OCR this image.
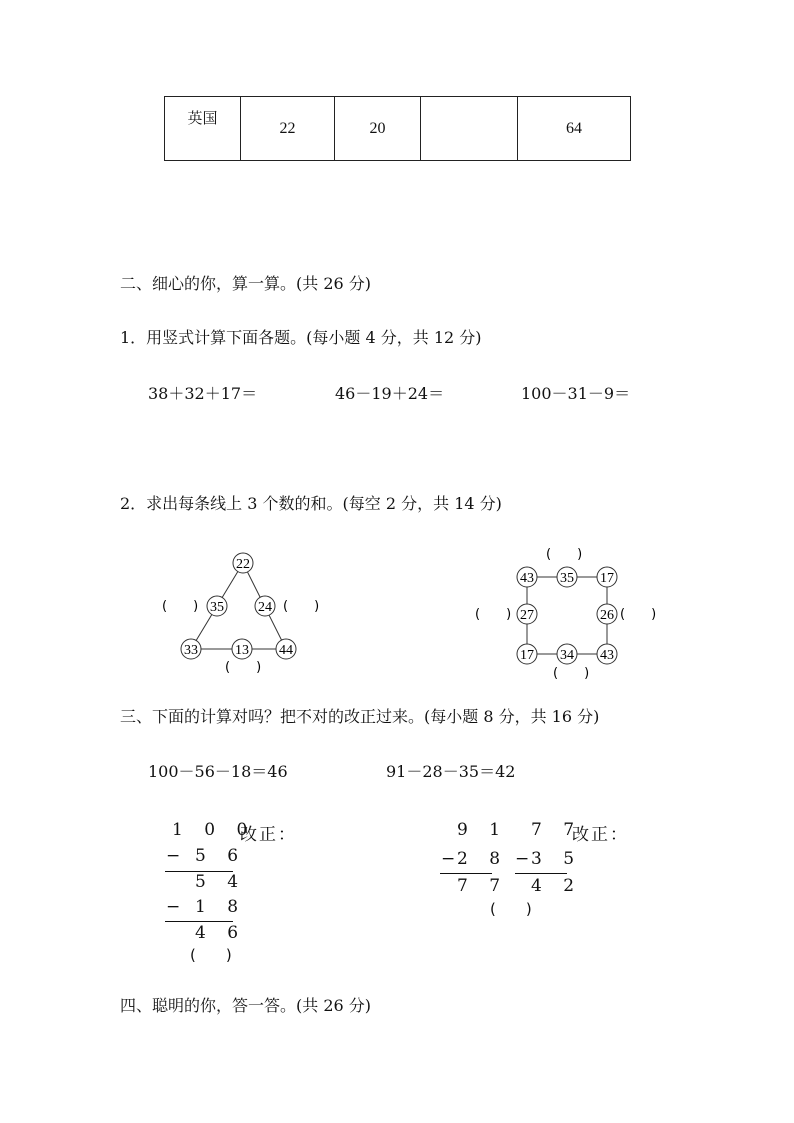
英国	22	20		64
二、细心的你，算一算。(共 26 分)
1．用竖式计算下面各题。(每小题 4 分，共 12 分)
38＋32＋17＝	46－19＋24＝	100－31－9＝
2．求出每条线上 3 个数的和。(每空 2 分，共 14 分)
22
35 24
33	13 44
(　　)	(　　)
(　　)
43 35 17
27	26
17 34 43
(　　)
(　　)	(　　)
(　　)
三、下面的计算对吗？把不对的改正过来。(每小题 8 分，共 16 分)
100－56－18＝46	91－28－35＝42
1 0 0
改正：
− 5 6
5 4
− 1 8
4 6
(　　)
9 1 7 7
改正：
− 2 8 − 3 5
7 7 4 2
(　　)
四、聪明的你，答一答。(共 26 分)
